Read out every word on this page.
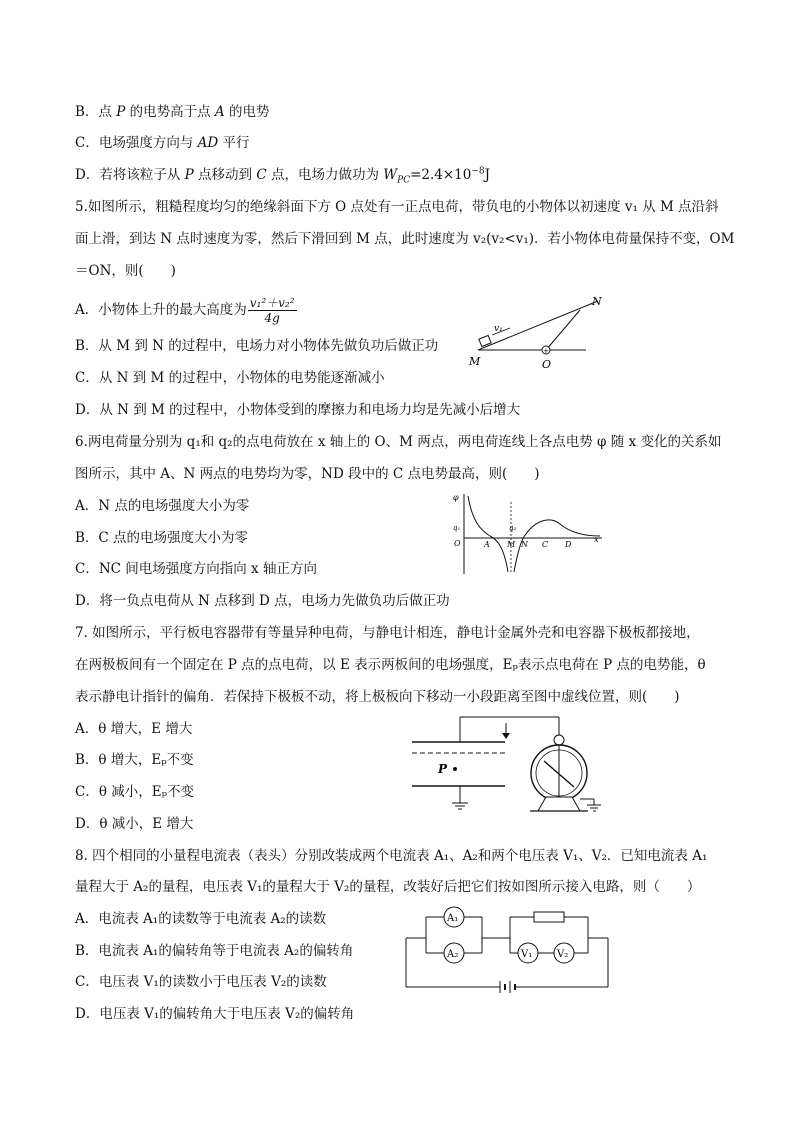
B．点 P 的电势高于点 A 的电势
C．电场强度方向与 AD 平行
D．若将该粒子从 P 点移动到 C 点，电场力做功为 $W_{PC}=2.4\times 10^{-8}J$
5.如图所示，粗糙程度均匀的绝缘斜面下方 O 点处有一正点电荷，带负电的小物体以初速度 v₁ 从 M 点沿斜
面上滑，到达 N 点时速度为零，然后下滑回到 M 点，此时速度为 v₂(v₂<v₁)．若小物体电荷量保持不变，OM
＝ON，则(　　)
A．小物体上升的最大高度为 $\frac{\text{v₁²＋v₂²}}{4g}$
B．从 M 到 N 的过程中，电场力对小物体先做负功后做正功
C．从 N 到 M 的过程中，小物体的电势能逐渐减小
D．从 N 到 M 的过程中，小物体受到的摩擦力和电场力均是先减小后增大
v₁
+
N
M	O
6.两电荷量分别为 q₁和 q₂的点电荷放在 x 轴上的 O、M 两点，两电荷连线上各点电势 φ 随 x 变化的关系如
图所示，其中 A、N 两点的电势均为零，ND 段中的 C 点电势最高，则(　　)
A．N 点的电场强度大小为零
B．C 点的电场强度大小为零
C．NC 间电场强度方向指向 x 轴正方向
D．将一负点电荷从 N 点移到 D 点，电场力先做负功后做正功
φ
q₁	q₂
O	A M N C D
x
7. 如图所示，平行板电容器带有等量异种电荷，与静电计相连，静电计金属外壳和电容器下极板都接地，
在两极板间有一个固定在 P 点的点电荷，以 E 表示两板间的电场强度，Eₚ表示点电荷在 P 点的电势能，θ
表示静电计指针的偏角．若保持下极板不动，将上极板向下移动一小段距离至图中虚线位置，则(　　)
A．θ 增大，E 增大
B．θ 增大，Eₚ不变
C．θ 减小，Eₚ不变
D．θ 减小，E 增大
P
8. 四个相同的小量程电流表（表头）分别改装成两个电流表 A₁、A₂和两个电压表 V₁、V₂．已知电流表 A₁
量程大于 A₂的量程，电压表 V₁的量程大于 V₂的量程，改装好后把它们按如图所示接入电路，则（　　）
A．电流表 A₁的读数等于电流表 A₂的读数
B．电流表 A₁的偏转角等于电流表 A₂的偏转角
C．电压表 V₁的读数小于电压表 V₂的读数
D．电压表 V₁的偏转角大于电压表 V₂的偏转角
A₁
A₂	V₁ V₂
